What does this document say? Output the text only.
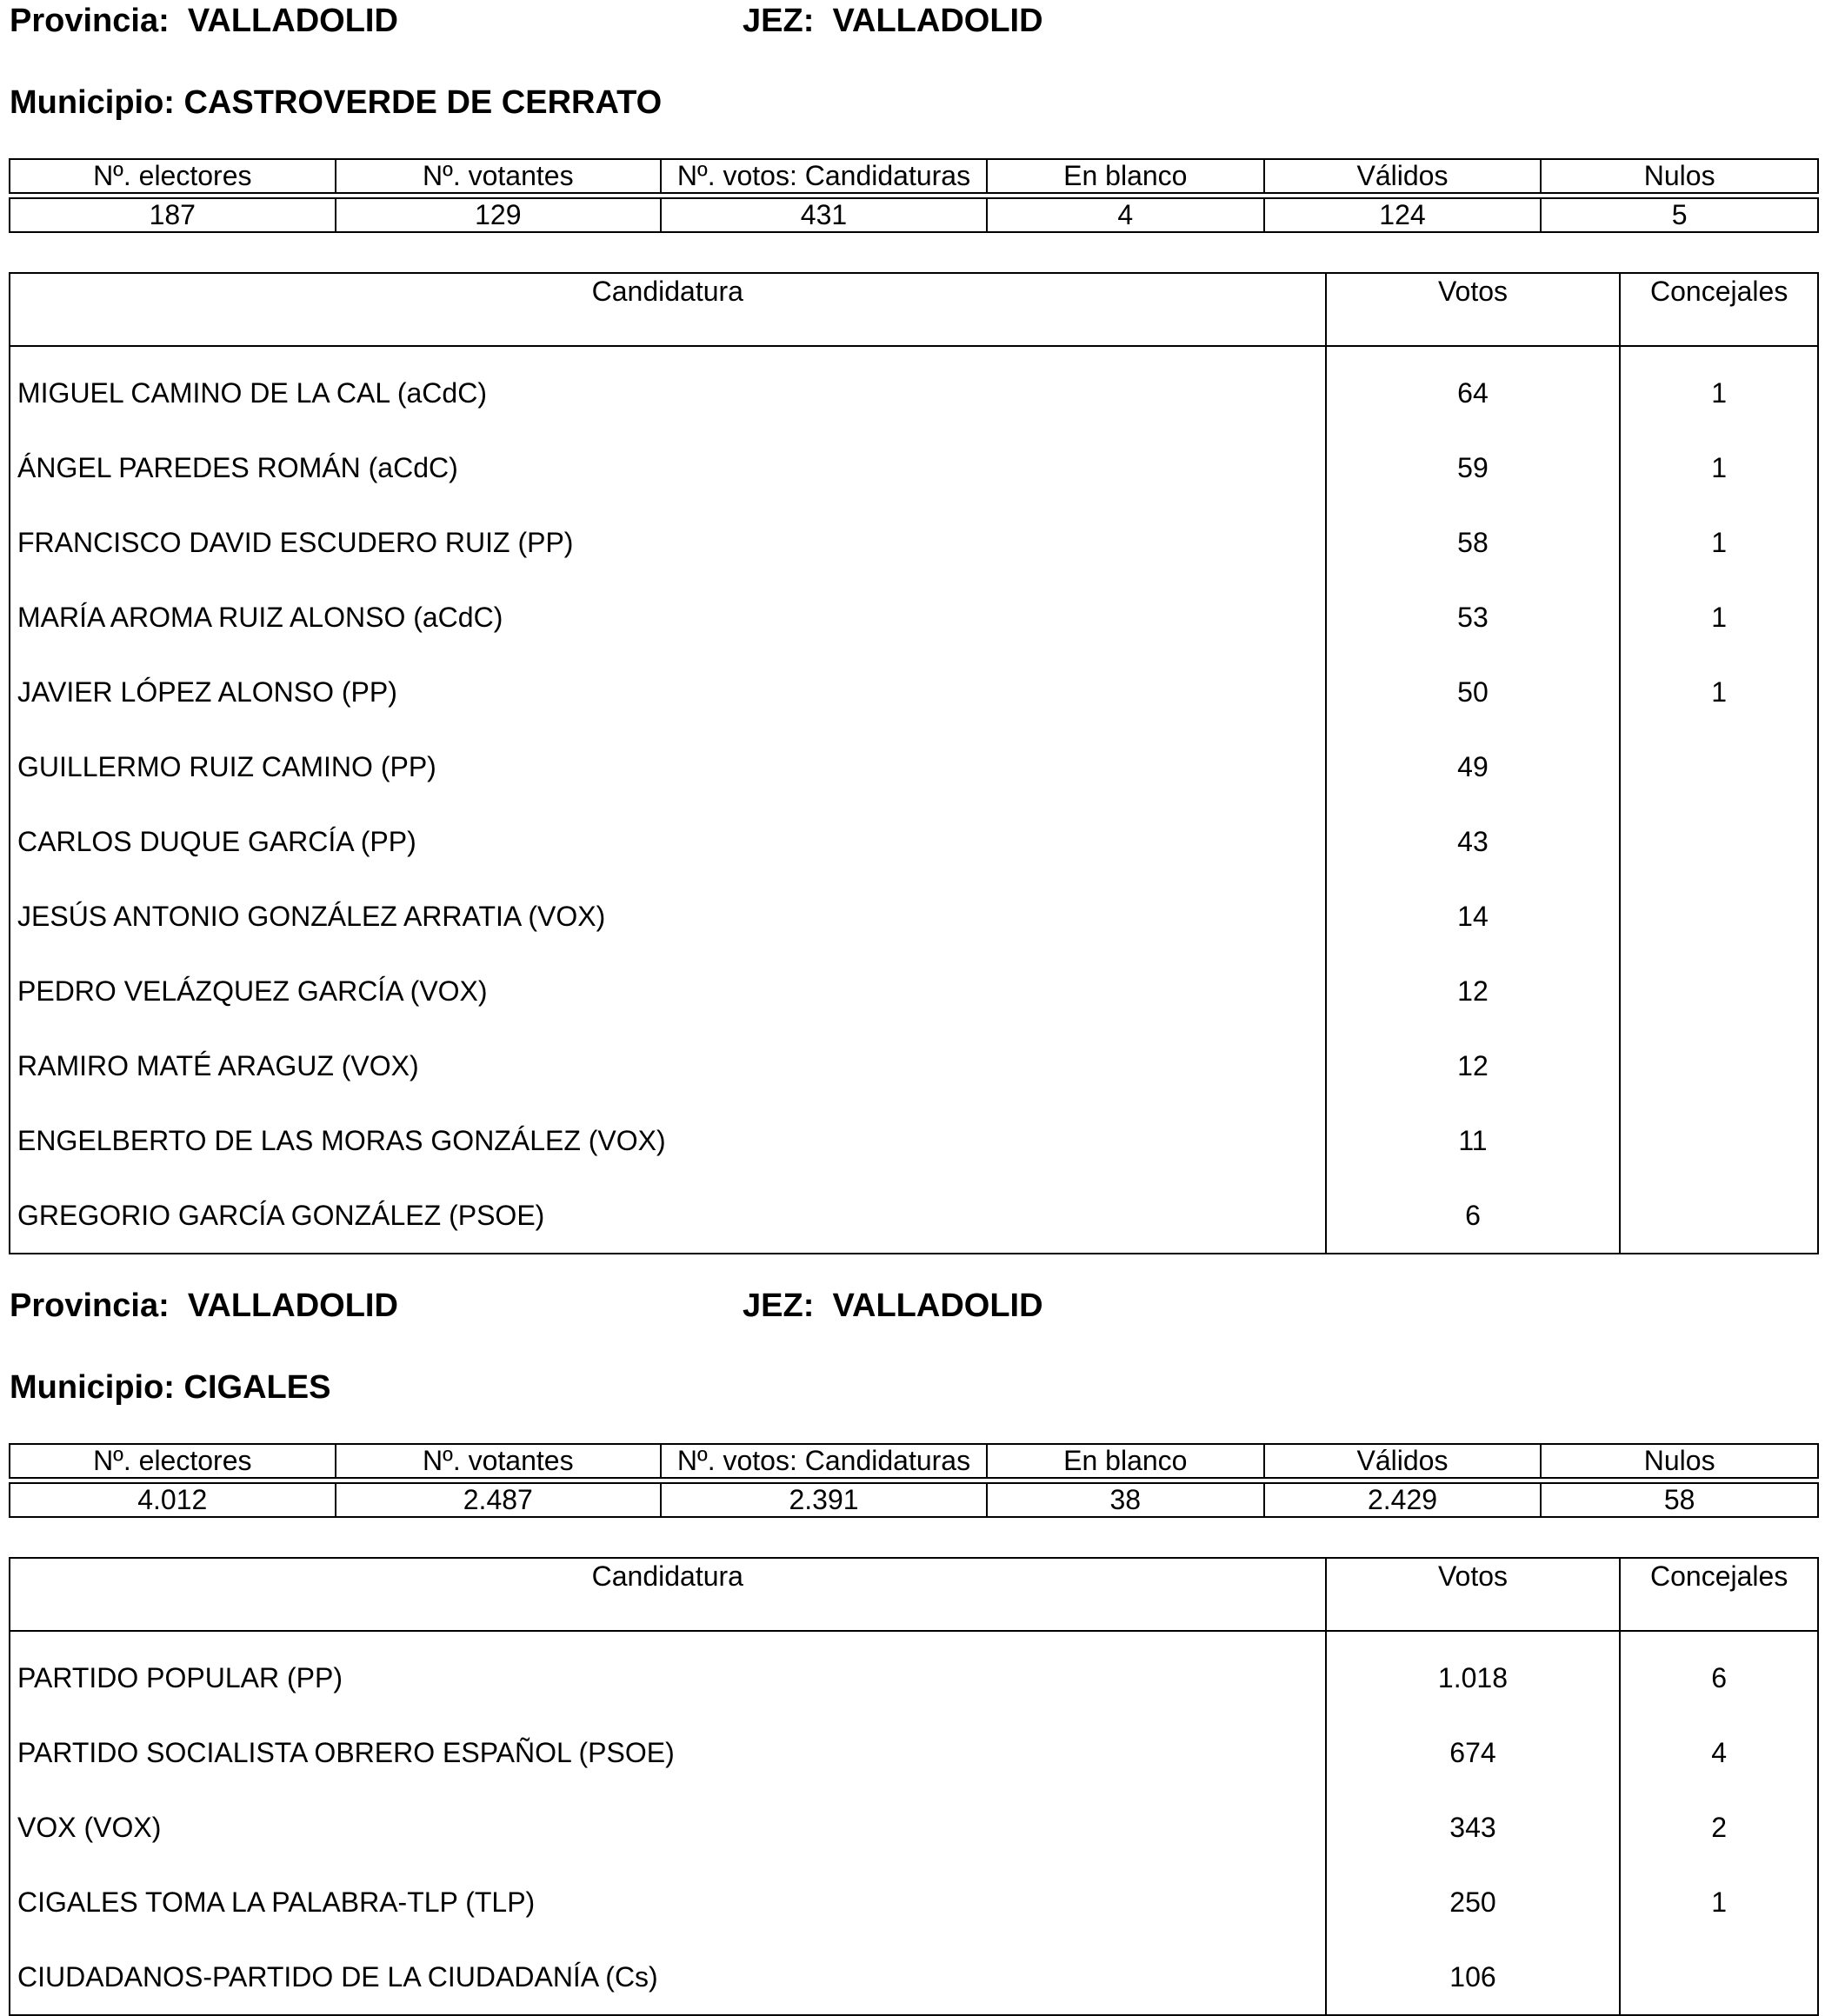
Provincia: VALLADOLID	JEZ: VALLADOLID
Municipio: CASTROVERDE DE CERRATO
Nº. electores	Nº. votantes	Nº. votos: Candidaturas	En blanco	Válidos	Nulos

187	129	431	4	124	5
Candidatura	Votos	Concejales
MIGUEL CAMINO DE LA CAL (aCdC)	64	1
ÁNGEL PAREDES ROMÁN (aCdC)	59	1
FRANCISCO DAVID ESCUDERO RUIZ (PP)	58	1
MARÍA AROMA RUIZ ALONSO (aCdC)	53	1
JAVIER LÓPEZ ALONSO (PP)	50	1
GUILLERMO RUIZ CAMINO (PP)	49	
CARLOS DUQUE GARCÍA (PP)	43	
JESÚS ANTONIO GONZÁLEZ ARRATIA (VOX)	14	
PEDRO VELÁZQUEZ GARCÍA (VOX)	12	
RAMIRO MATÉ ARAGUZ (VOX)	12	
ENGELBERTO DE LAS MORAS GONZÁLEZ (VOX)	11	
GREGORIO GARCÍA GONZÁLEZ (PSOE)	6	
Provincia: VALLADOLID	JEZ: VALLADOLID
Municipio: CIGALES
Nº. electores	Nº. votantes	Nº. votos: Candidaturas	En blanco	Válidos	Nulos

4.012	2.487	2.391	38	2.429	58
Candidatura	Votos	Concejales
PARTIDO POPULAR (PP)	1.018	6
PARTIDO SOCIALISTA OBRERO ESPAÑOL (PSOE)	674	4
VOX (VOX)	343	2
CIGALES TOMA LA PALABRA-TLP (TLP)	250	1
CIUDADANOS-PARTIDO DE LA CIUDADANÍA (Cs)	106	
